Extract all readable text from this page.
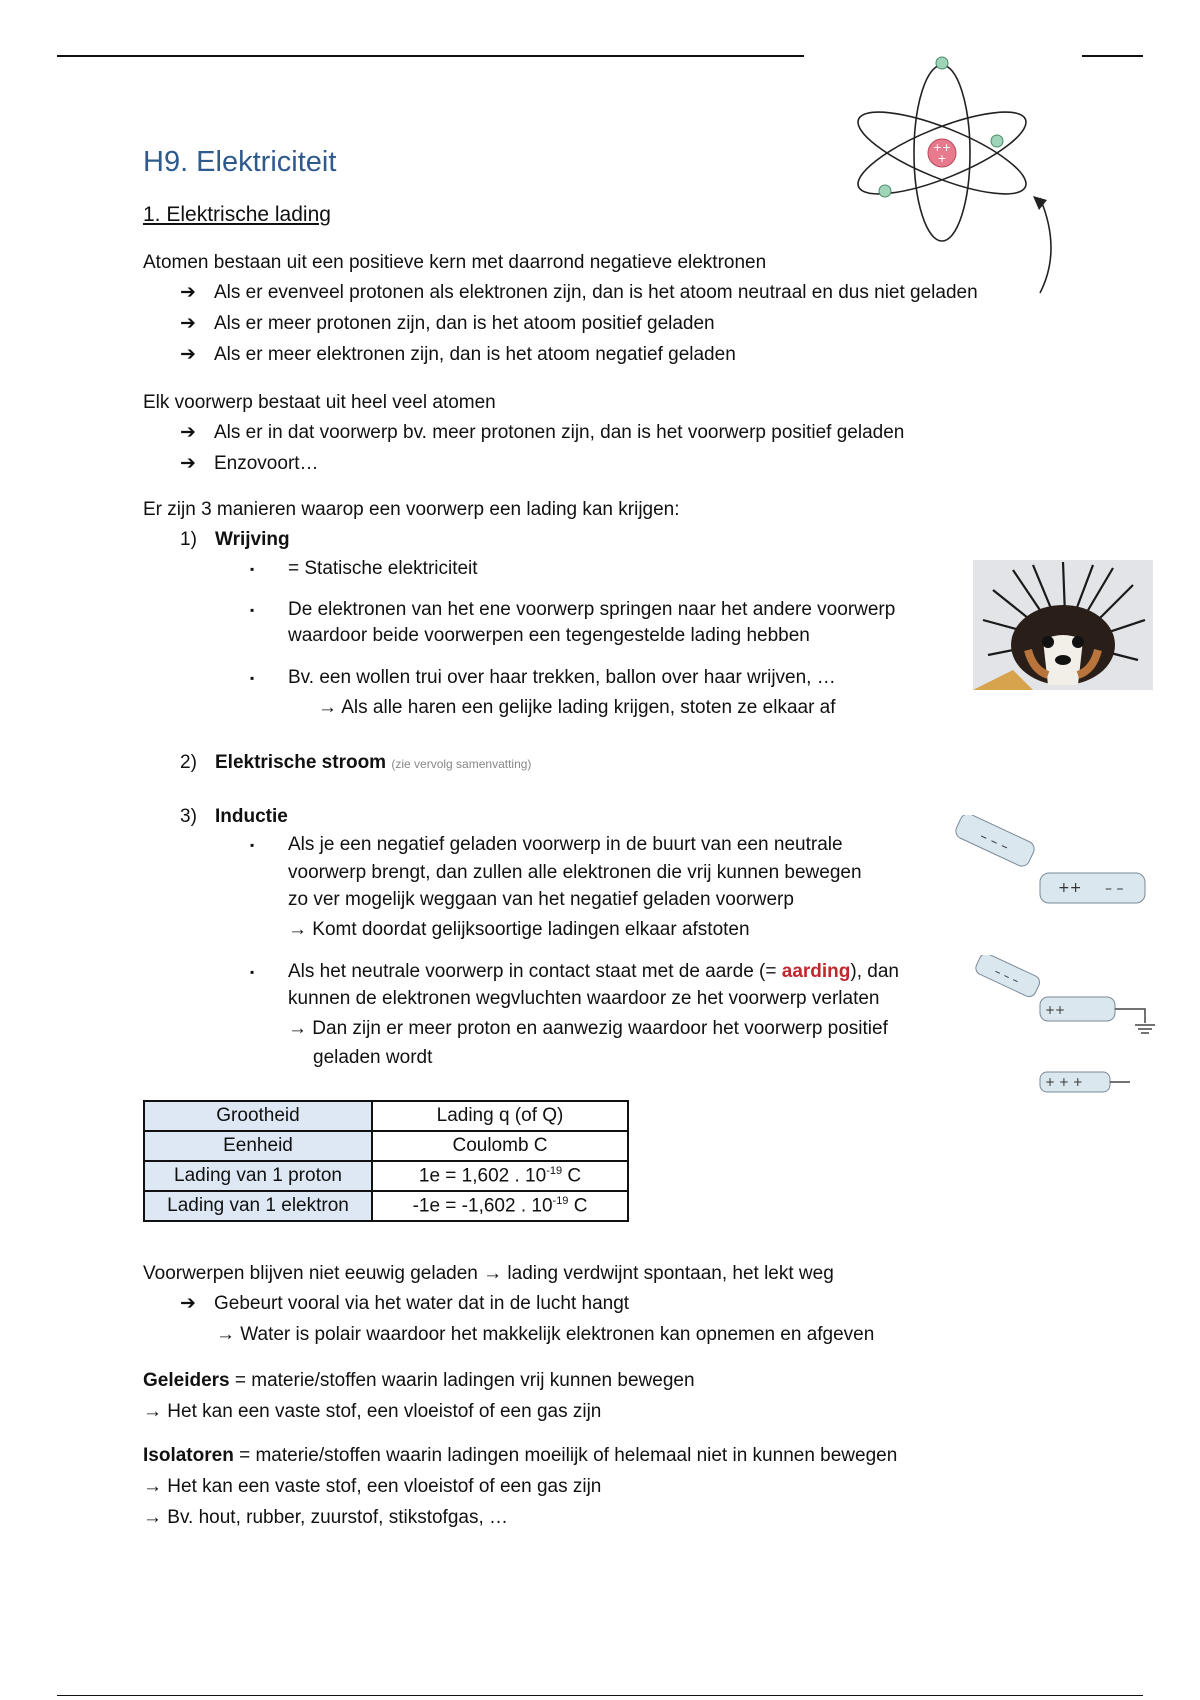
++
+
H9. Elektriciteit
1. Elektrische lading
Atomen bestaan uit een positieve kern met daarrond negatieve elektronen
➔ Als er evenveel protonen als elektronen zijn, dan is het atoom neutraal en dus niet geladen
➔ Als er meer protonen zijn, dan is het atoom positief geladen
➔ Als er meer elektronen zijn, dan is het atoom negatief geladen
Elk voorwerp bestaat uit heel veel atomen
➔ Als er in dat voorwerp bv. meer protonen zijn, dan is het voorwerp positief geladen
➔ Enzovoort…
Er zijn 3 manieren waarop een voorwerp een lading kan krijgen:
1) Wrijving
▪ = Statische elektriciteit
▪ De elektronen van het ene voorwerp springen naar het andere voorwerp
waardoor beide voorwerpen een tegengestelde lading hebben
▪ Bv. een wollen trui over haar trekken, ballon over haar wrijven, …
→ Als alle haren een gelijke lading krijgen, stoten ze elkaar af
2) Elektrische stroom (zie vervolg samenvatting)
3) Inductie
▪ Als je een negatief geladen voorwerp in de buurt van een neutrale
voorwerp brengt, dan zullen alle elektronen die vrij kunnen bewegen
zo ver mogelijk weggaan van het negatief geladen voorwerp
→ Komt doordat gelijksoortige ladingen elkaar afstoten
▪ Als het neutrale voorwerp in contact staat met de aarde (= aarding), dan
kunnen de elektronen wegvluchten waardoor ze het voorwerp verlaten
→ Dan zijn er meer proton en aanwezig waardoor het voorwerp positief
geladen wordt
– – –
++ – –
– – –
++
+ + +
Grootheid	Lading q (of Q)
Eenheid	Coulomb C
Lading van 1 proton	1e = 1,602 . $10^{-19}$ C
Lading van 1 elektron	-1e = -1,602 . $10^{-19}$ C
Voorwerpen blijven niet eeuwig geladen → lading verdwijnt spontaan, het lekt weg
➔ Gebeurt vooral via het water dat in de lucht hangt
→ Water is polair waardoor het makkelijk elektronen kan opnemen en afgeven
Geleiders = materie/stoffen waarin ladingen vrij kunnen bewegen
→ Het kan een vaste stof, een vloeistof of een gas zijn
Isolatoren = materie/stoffen waarin ladingen moeilijk of helemaal niet in kunnen bewegen
→ Het kan een vaste stof, een vloeistof of een gas zijn
→ Bv. hout, rubber, zuurstof, stikstofgas, …
